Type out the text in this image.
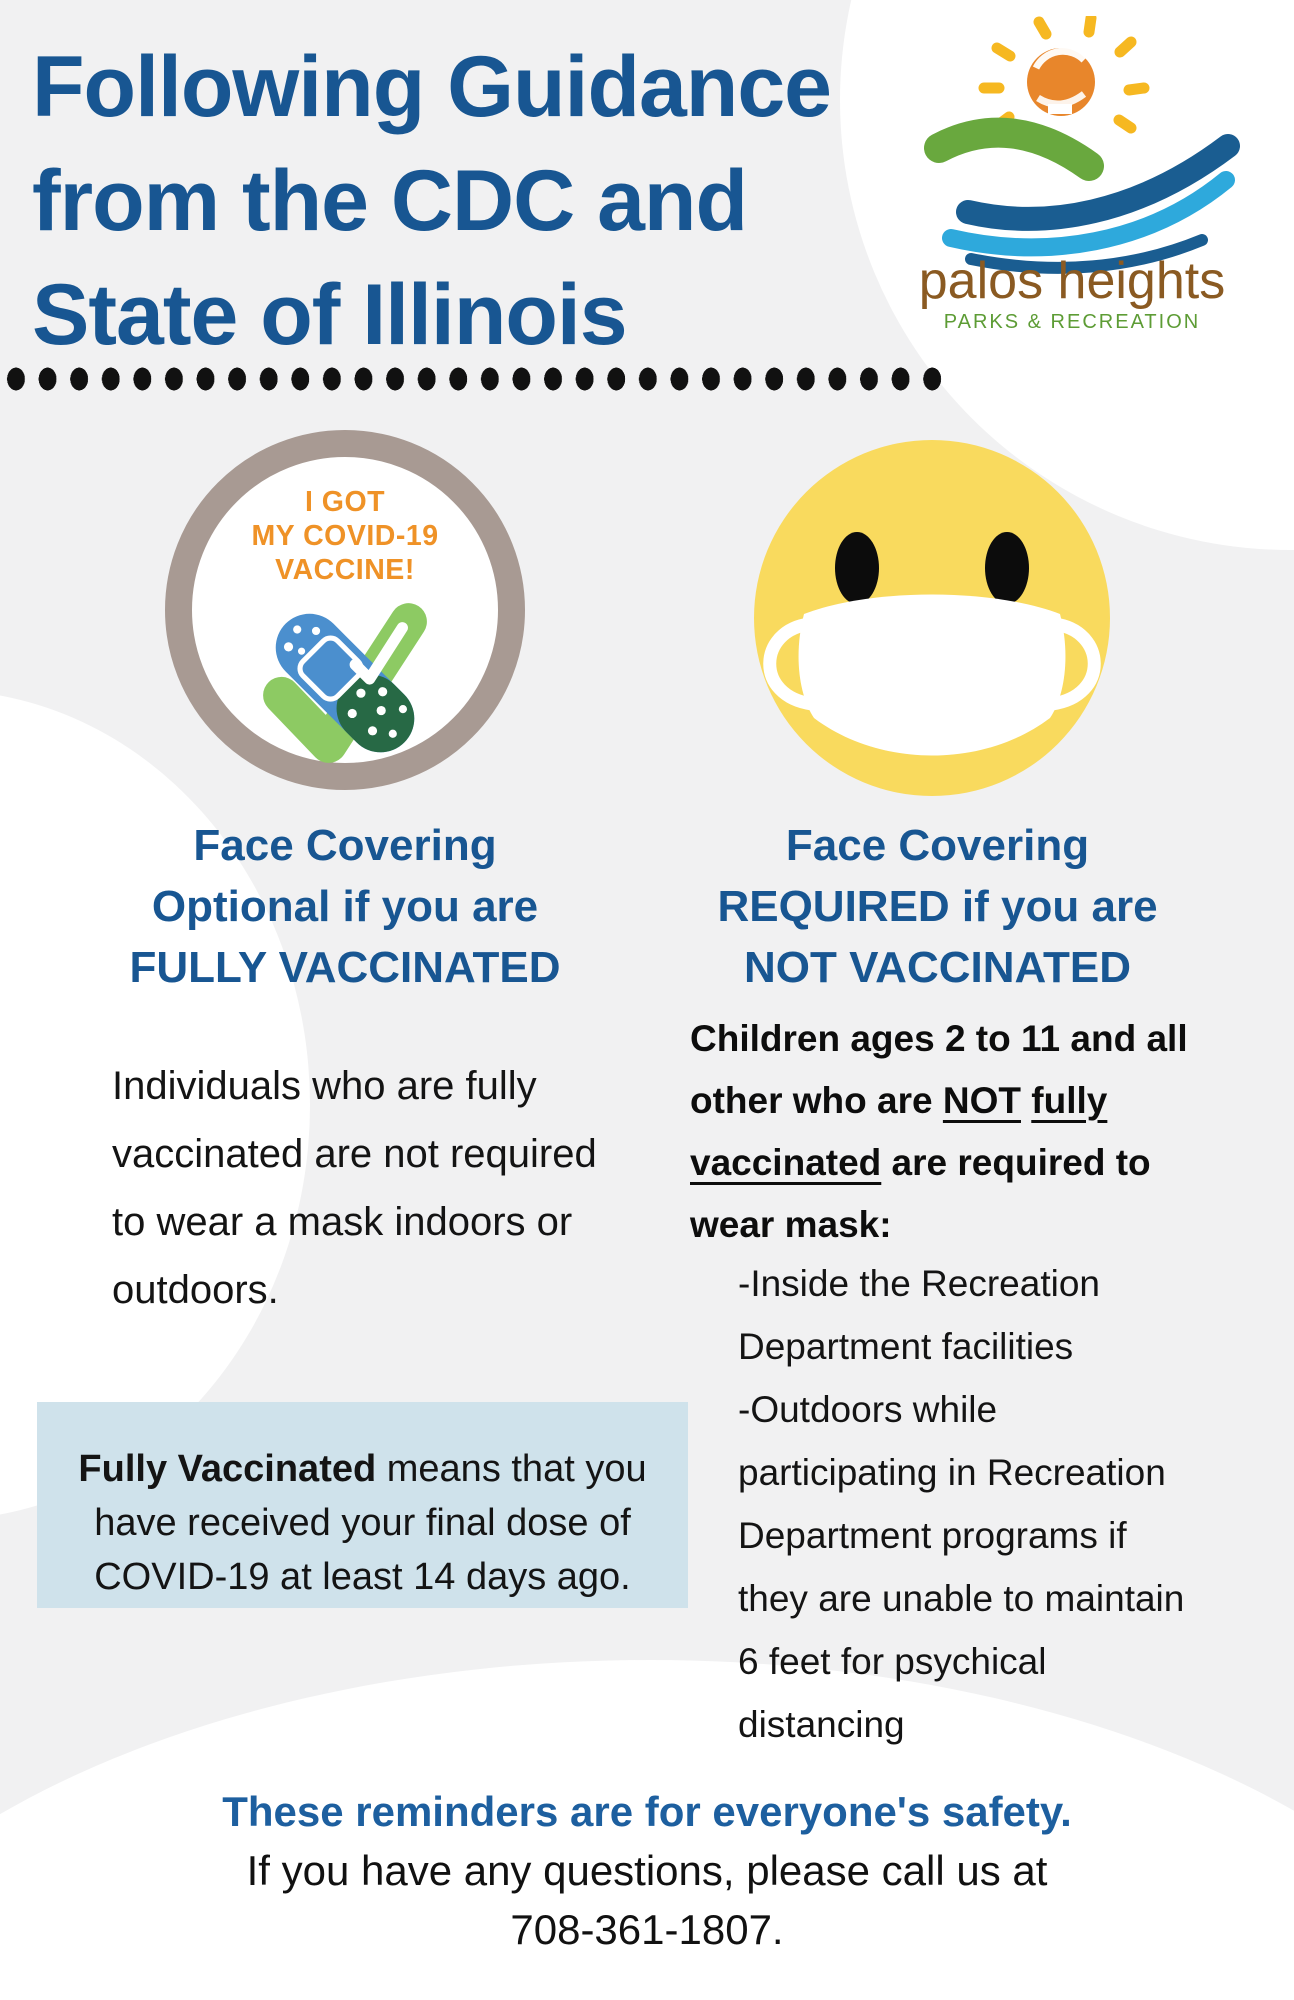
Following Guidance
from the CDC and
State of Illinois	palos heights
PARKS & RECREATION
I GOT
MY COVID-19
VACCINE!
Face Covering
Optional if you are
FULLY VACCINATED
Face Covering
REQUIRED if you are
NOT VACCINATED
Individuals who are fully vaccinated are not required to wear a mask indoors or outdoors.
Children ages 2 to 11 and all other who are NOT fully vaccinated are required to wear mask:
-Inside the Recreation Department facilities
-Outdoors while participating in Recreation Department programs if they are unable to maintain 6 feet for psychical distancing
Fully Vaccinated means that you have received your final dose of COVID-19 at least 14 days ago.
These reminders are for everyone's safety.
If you have any questions, please call us at
708-361-1807.
